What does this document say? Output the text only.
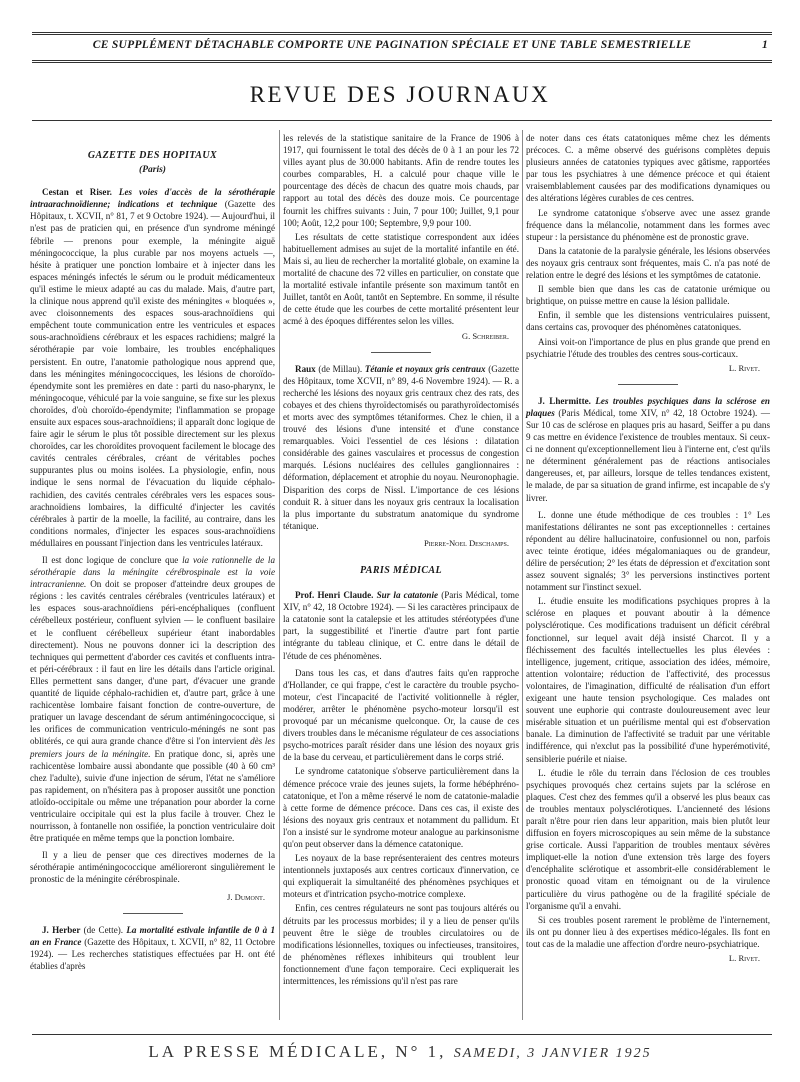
CE SUPPLÉMENT DÉTACHABLE COMPORTE UNE PAGINATION SPÉCIALE ET UNE TABLE SEMESTRIELLE	1
REVUE DES JOURNAUX
GAZETTE DES HOPITAUX
(Paris)
Cestan et Riser. Les voies d'accès de la sérothérapie intraarachnoïdienne; indications et technique (Gazette des Hôpitaux, t. XCVII, n° 81, 7 et 9 Octobre 1924). — Aujourd'hui, il n'est pas de praticien qui, en présence d'un syndrome méningé fébrile — prenons pour exemple, la méningite aiguë méningococcique, la plus curable par nos moyens actuels —, hésite à pratiquer une ponction lombaire et à injecter dans les espaces méningés infectés le sérum ou le produit médicamenteux qu'il estime le mieux adapté au cas du malade. Mais, d'autre part, la clinique nous apprend qu'il existe des méningites « bloquées », avec cloisonnements des espaces sous-arachnoïdiens qui empêchent toute communication entre les ventricules et espaces sous-arachnoïdiens cérébraux et les espaces rachidiens; malgré la sérothérapie par voie lombaire, les troubles encéphaliques persistent. En outre, l'anatomie pathologique nous apprend que, dans les méningites méningococciques, les lésions de choroïdo-épendymite sont les premières en date : parti du naso-pharynx, le méningocoque, véhiculé par la voie sanguine, se fixe sur les plexus choroïdes, d'où choroïdo-épendymite; l'inflammation se propage ensuite aux espaces sous-arachnoïdiens; il apparaît donc logique de faire agir le sérum le plus tôt possible directement sur les plexus choroïdes, car les choroïdites provoquent facilement le blocage des cavités centrales cérébrales, créant de véritables poches suppurantes plus ou moins isolées. La physiologie, enfin, nous indique le sens normal de l'évacuation du liquide céphalo-rachidien, des cavités centrales cérébrales vers les espaces sous-arachnoïdiens lombaires, la difficulté d'injecter les cavités cérébrales à partir de la moelle, la facilité, au contraire, dans les conditions normales, d'injecter les espaces sous-arachnoïdiens médullaires en poussant l'injection dans les ventricules latéraux.
Il est donc logique de conclure que la voie rationnelle de la sérothérapie dans la méningite cérébrospinale est la voie intracranienne. On doit se proposer d'atteindre deux groupes de régions : les cavités centrales cérébrales (ventricules latéraux) et les espaces sous-arachnoïdiens péri-encéphaliques (confluent cérébelleux postérieur, confluent sylvien — le confluent basilaire et le confluent cérébelleux supérieur étant inabordables directement). Nous ne pouvons donner ici la description des techniques qui permettent d'aborder ces cavités et confluents intra- et péri-cérébraux : il faut en lire les détails dans l'article original. Elles permettent sans danger, d'une part, d'évacuer une grande quantité de liquide céphalo-rachidien et, d'autre part, grâce à une rachicentèse lombaire faisant fonction de contre-ouverture, de pratiquer un lavage descendant de sérum antiméningococcique, si les orifices de communication ventriculo-méningés ne sont pas oblitérés, ce qui aura grande chance d'être si l'on intervient dès les premiers jours de la méningite. En pratique donc, si, après une rachicentèse lombaire aussi abondante que possible (40 à 60 cm³ chez l'adulte), suivie d'une injection de sérum, l'état ne s'améliore pas rapidement, on n'hésitera pas à proposer aussitôt une ponction atloïdo-occipitale ou même une trépanation pour aborder la corne ventriculaire occipitale qui est la plus facile à trouver. Chez le nourrisson, à fontanelle non ossifiée, la ponction ventriculaire doit être pratiquée en même temps que la ponction lombaire.
Il y a lieu de penser que ces directives modernes de la sérothérapie antiméningococcique amélioreront singulièrement le pronostic de la méningite cérébrospinale.
J. Dumont.
J. Herber (de Cette). La mortalité estivale infantile de 0 à 1 an en France (Gazette des Hôpitaux, t. XCVII, n° 82, 11 Octobre 1924). — Les recherches statistiques effectuées par H. ont été établies d'après
les relevés de la statistique sanitaire de la France de 1906 à 1917, qui fournissent le total des décès de 0 à 1 an pour les 72 villes ayant plus de 30.000 habitants. Afin de rendre toutes les courbes comparables, H. a calculé pour chaque ville le pourcentage des décès de chacun des quatre mois chauds, par rapport au total des décès des douze mois. Ce pourcentage fournit les chiffres suivants : Juin, 7 pour 100; Juillet, 9,1 pour 100; Août, 12,2 pour 100; Septembre, 9,9 pour 100.
Les résultats de cette statistique correspondent aux idées habituellement admises au sujet de la mortalité infantile en été. Mais si, au lieu de rechercher la mortalité globale, on examine la mortalité de chacune des 72 villes en particulier, on constate que la mortalité estivale infantile présente son maximum tantôt en Juillet, tantôt en Août, tantôt en Septembre. En somme, il résulte de cette étude que les courbes de cette mortalité présentent leur acmé à des époques différentes selon les villes.
G. Schreiber.
Raux (de Millau). Tétanie et noyaux gris centraux (Gazette des Hôpitaux, tome XCVII, n° 89, 4-6 Novembre 1924). — R. a recherché les lésions des noyaux gris centraux chez des rats, des cobayes et des chiens thyroïdectomisés ou parathyroïdectomisés et morts avec des symptômes tétaniformes. Chez le chien, il a trouvé des lésions d'une intensité et d'une constance remarquables. Voici l'essentiel de ces lésions : dilatation considérable des gaines vasculaires et processus de congestion marqués. Lésions nucléaires des cellules ganglionnaires : déformation, déplacement et atrophie du noyau. Neuronophagie. Disparition des corps de Nissl. L'importance de ces lésions conduit R. à situer dans les noyaux gris centraux la localisation la plus importante du substratum anatomique du syndrome tétanique.
Pierre-Noel Deschamps.
PARIS MÉDICAL
Prof. Henri Claude. Sur la catatonie (Paris Médical, tome XIV, n° 42, 18 Octobre 1924). — Si les caractères principaux de la catatonie sont la catalepsie et les attitudes stéréotypées d'une part, la suggestibilité et l'inertie d'autre part font partie intégrante du tableau clinique, et C. entre dans le détail de l'étude de ces phénomènes.
Dans tous les cas, et dans d'autres faits qu'en rapproche d'Hollander, ce qui frappe, c'est le caractère du trouble psycho-moteur, c'est l'incapacité de l'activité volitionnelle à régler, modérer, arrêter le phénomène psycho-moteur lorsqu'il est provoqué par un mécanisme quelconque. Or, la cause de ces divers troubles dans le mécanisme régulateur de ces associations psycho-motrices paraît résider dans une lésion des noyaux gris de la base du cerveau, et particulièrement dans le corps strié.
Le syndrome catatonique s'observe particulièrement dans la démence précoce vraie des jeunes sujets, la forme hébéphréno-catatonique, et l'on a même réservé le nom de catatonie-maladie à cette forme de démence précoce. Dans ces cas, il existe des lésions des noyaux gris centraux et notamment du pallidum. Et l'on a insisté sur le syndrome moteur analogue au parkinsonisme qu'on peut observer dans la démence catatonique.
Les noyaux de la base représenteraient des centres moteurs intentionnels juxtaposés aux centres corticaux d'innervation, ce qui expliquerait la simultanéité des phénomènes psychiques et moteurs et d'intrication psycho-motrice complexe.
Enfin, ces centres régulateurs ne sont pas toujours altérés ou détruits par les processus morbides; il y a lieu de penser qu'ils peuvent être le siège de troubles circulatoires ou de modifications lésionnelles, toxiques ou infectieuses, transitoires, de phénomènes réflexes inhibiteurs qui troublent leur fonctionnement d'une façon temporaire. Ceci expliquerait les intermittences, les rémissions qu'il n'est pas rare
de noter dans ces états catatoniques même chez les déments précoces. C. a même observé des guérisons complètes depuis plusieurs années de catatonies typiques avec gâtisme, rapportées par tous les psychiatres à une démence précoce et qui étaient vraisemblablement causées par des modifications dynamiques ou des altérations légères curables de ces centres.
Le syndrome catatonique s'observe avec une assez grande fréquence dans la mélancolie, notamment dans les formes avec stupeur : la persistance du phénomène est de pronostic grave.
Dans la catatonie de la paralysie générale, les lésions observées des noyaux gris centraux sont fréquentes, mais C. n'a pas noté de relation entre le degré des lésions et les symptômes de catatonie.
Il semble bien que dans les cas de catatonie urémique ou brightique, on puisse mettre en cause la lésion pallidale.
Enfin, il semble que les distensions ventriculaires puissent, dans certains cas, provoquer des phénomènes catatoniques.
Ainsi voit-on l'importance de plus en plus grande que prend en psychiatrie l'étude des troubles des centres sous-corticaux.
L. Rivet.
J. Lhermitte. Les troubles psychiques dans la sclérose en plaques (Paris Médical, tome XIV, n° 42, 18 Octobre 1924). — Sur 10 cas de sclérose en plaques pris au hasard, Seiffer a pu dans 9 cas mettre en évidence l'existence de troubles mentaux. Si ceux-ci ne donnent qu'exceptionnellement lieu à l'interne ent, c'est qu'ils ne déterminent généralement pas de réactions antisociales dangereuses, et, par ailleurs, lorsque de telles tendances existent, le malade, de par sa situation de grand infirme, est incapable de s'y livrer.
L. donne une étude méthodique de ces troubles : 1° Les manifestations délirantes ne sont pas exceptionnelles : certaines répondent au délire hallucinatoire, confusionnel ou non, parfois avec teinte érotique, idées mégalomaniaques ou de grandeur, délire de persécution; 2° les états de dépression et d'excitation sont assez souvent signalés; 3° les perversions instinctives portent notamment sur l'instinct sexuel.
L. étudie ensuite les modifications psychiques propres à la sclérose en plaques et pouvant aboutir à la démence polysclérotique. Ces modifications traduisent un déficit cérébral fonctionnel, sur lequel avait déjà insisté Charcot. Il y a fléchissement des facultés intellectuelles les plus élevées : intelligence, jugement, critique, association des idées, mémoire, attention volontaire; réduction de l'affectivité, des processus volontaires, de l'imagination, difficulté de réalisation d'un effort exigeant une haute tension psychologique. Ces malades ont souvent une euphorie qui contraste douloureusement avec leur misérable situation et un puérilisme mental qui est d'observation banale. La diminution de l'affectivité se traduit par une véritable indifférence, qui n'exclut pas la possibilité d'une hyperémotivité, sensiblerie puérile et niaise.
L. étudie le rôle du terrain dans l'éclosion de ces troubles psychiques provoqués chez certains sujets par la sclérose en plaques. C'est chez des femmes qu'il a observé les plus beaux cas de troubles mentaux polysclérotiques. L'ancienneté des lésions paraît n'être pour rien dans leur apparition, mais bien plutôt leur diffusion en foyers microscopiques au sein même de la substance grise corticale. Aussi l'apparition de troubles mentaux sévères impliquet-elle la notion d'une extension très large des foyers d'encéphalite sclérotique et assombrit-elle considérablement le pronostic quoad vitam en témoignant ou de la virulence particulière du virus pathogène ou de la fragilité spéciale de l'organisme qu'il a envahi.
Si ces troubles posent rarement le problème de l'internement, ils ont pu donner lieu à des expertises médico-légales. Ils font en tout cas de la maladie une affection d'ordre neuro-psychiatrique.
L. Rivet.
LA PRESSE MÉDICALE, N° 1, SAMEDI, 3 JANVIER 1925
